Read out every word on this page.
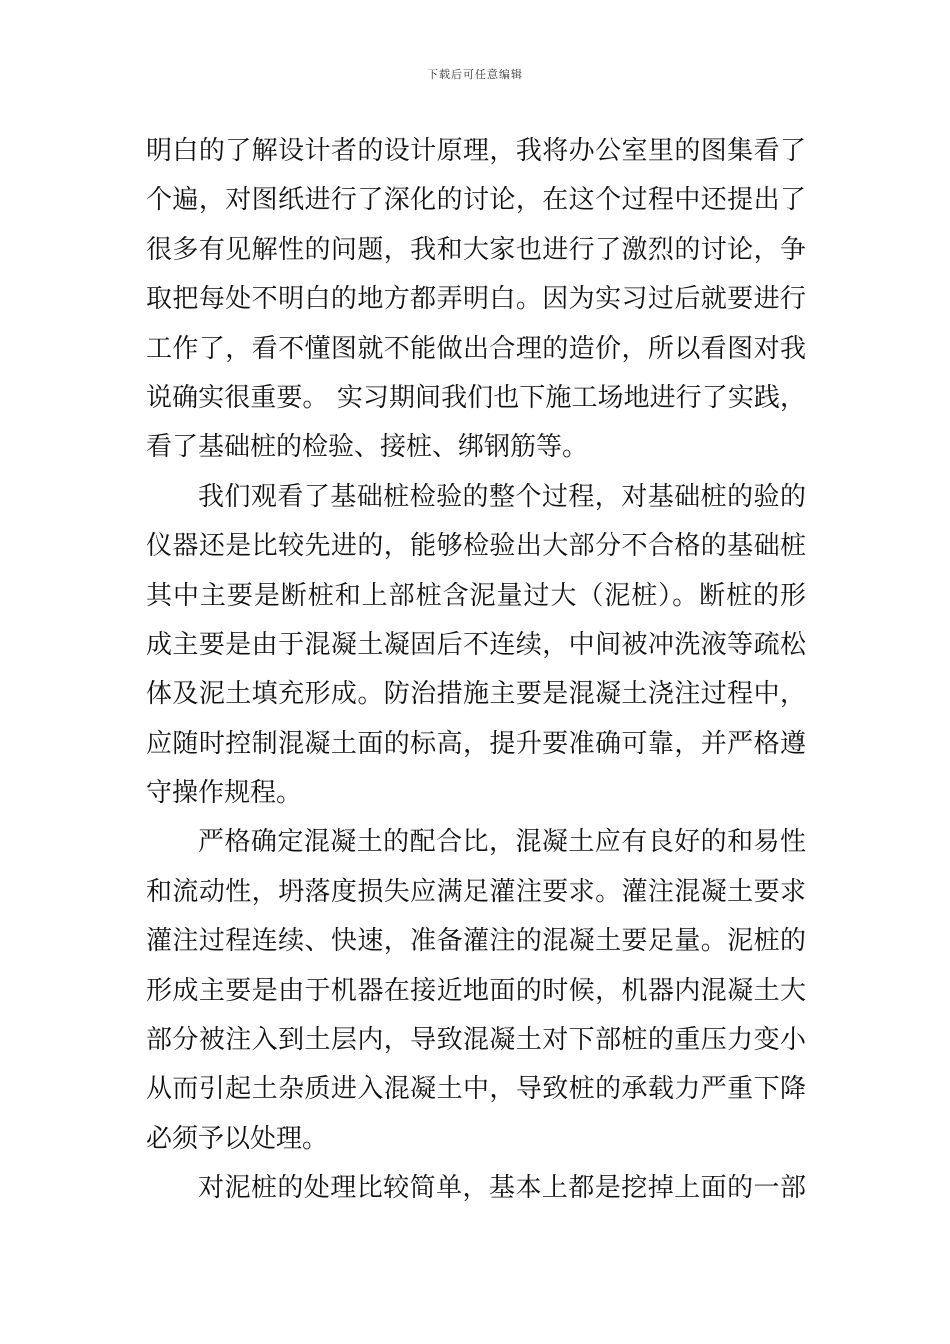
下载后可任意编辑

明白的了解设计者的设计原理，我将办公室里的图集看了
个遍，对图纸进行了深化的讨论，在这个过程中还提出了
很多有见解性的问题，我和大家也进行了激烈的讨论，争
取把每处不明白的地方都弄明白。因为实习过后就要进行
工作了，看不懂图就不能做出合理的造价，所以看图对我
说确实很重要。 实习期间我们也下施工场地进行了实践，
看了基础桩的检验、接桩、绑钢筋等。

我们观看了基础桩检验的整个过程，对基础桩的验的
仪器还是比较先进的，能够检验出大部分不合格的基础桩
其中主要是断桩和上部桩含泥量过大（泥桩）。断桩的形
成主要是由于混凝土凝固后不连续，中间被冲洗液等疏松
体及泥土填充形成。防治措施主要是混凝土浇注过程中，
应随时控制混凝土面的标高，提升要准确可靠，并严格遵
守操作规程。

严格确定混凝土的配合比，混凝土应有良好的和易性
和流动性，坍落度损失应满足灌注要求。灌注混凝土要求
灌注过程连续、快速，准备灌注的混凝土要足量。泥桩的
形成主要是由于机器在接近地面的时候，机器内混凝土大
部分被注入到土层内，导致混凝土对下部桩的重压力变小
从而引起土杂质进入混凝土中，导致桩的承载力严重下降
必须予以处理。

对泥桩的处理比较简单，基本上都是挖掉上面的一部
